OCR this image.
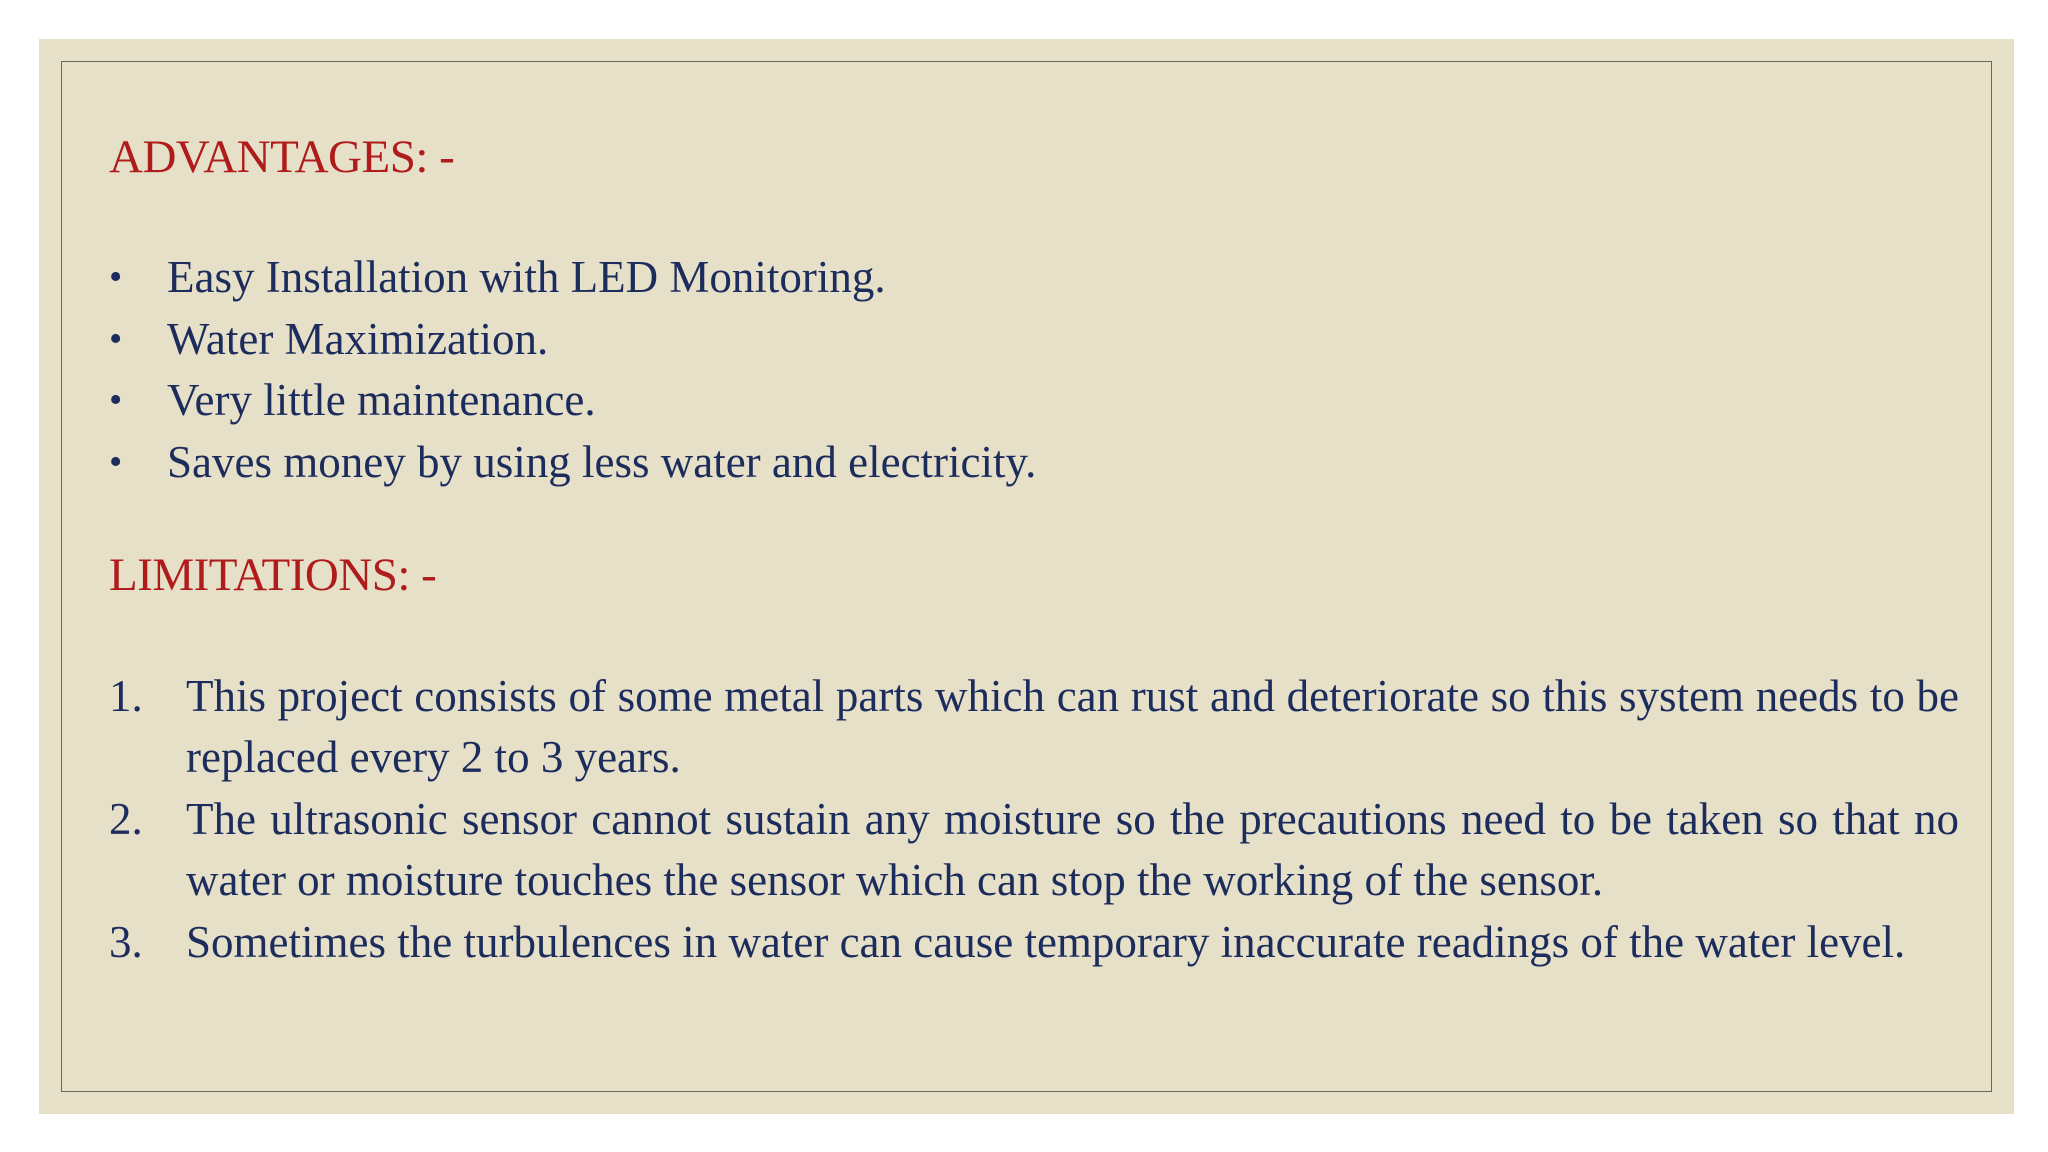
ADVANTAGES: -
• Easy Installation with LED Monitoring.
• Water Maximization.
• Very little maintenance.
• Saves money by using less water and electricity.
LIMITATIONS: -
1. This project consists of some metal parts which can rust and deteriorate so this system needs to be replaced every 2 to 3 years.
2. The ultrasonic sensor cannot sustain any moisture so the precautions need to be taken so that no water or moisture touches the sensor which can stop the working of the sensor.
3. Sometimes the turbulences in water can cause temporary inaccurate readings of the water level.
